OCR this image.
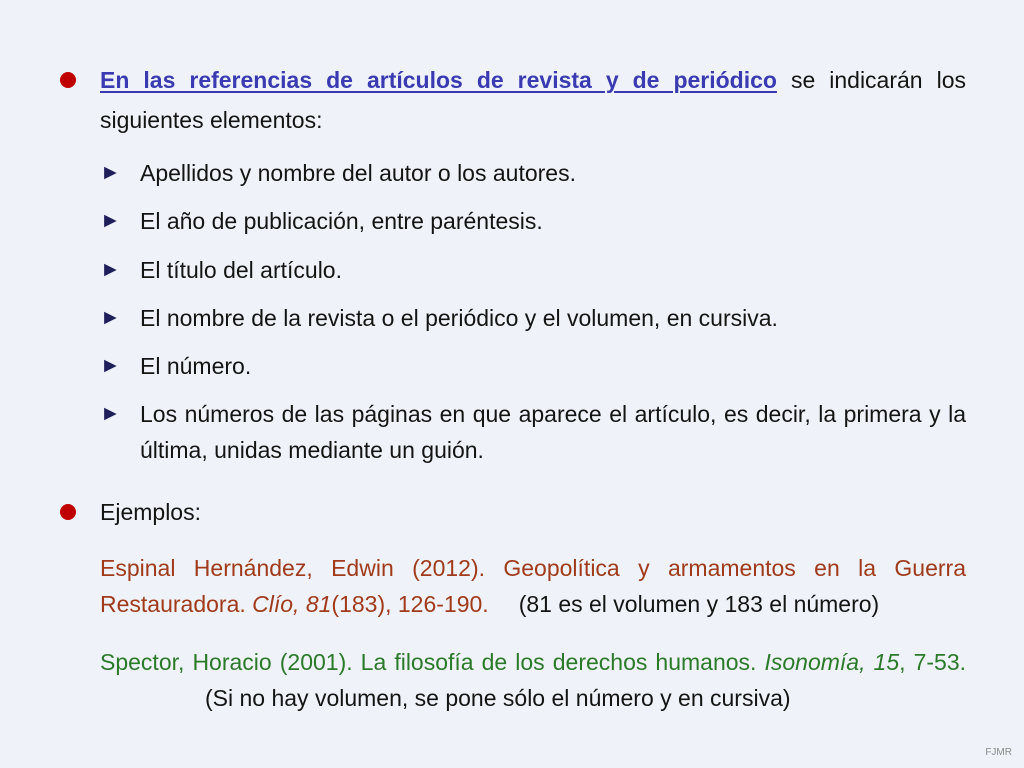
En las referencias de artículos de revista y de periódico se indicarán los siguientes elementos:
► Apellidos y nombre del autor o los autores.
► El año de publicación, entre paréntesis.
► El título del artículo.
► El nombre de la revista o el periódico y el volumen, en cursiva.
► El número.
► Los números de las páginas en que aparece el artículo, es decir, la primera y la última, unidas mediante un guión.
Ejemplos:
Espinal Hernández, Edwin (2012). Geopolítica y armamentos en la Guerra Restauradora. Clío, 81(183), 126-190. (81 es el volumen y 183 el número)
Spector, Horacio (2001). La filosofía de los derechos humanos. Isonomía, 15, 7-53.(Si no hay volumen, se pone sólo el número y en cursiva)
FJMR
